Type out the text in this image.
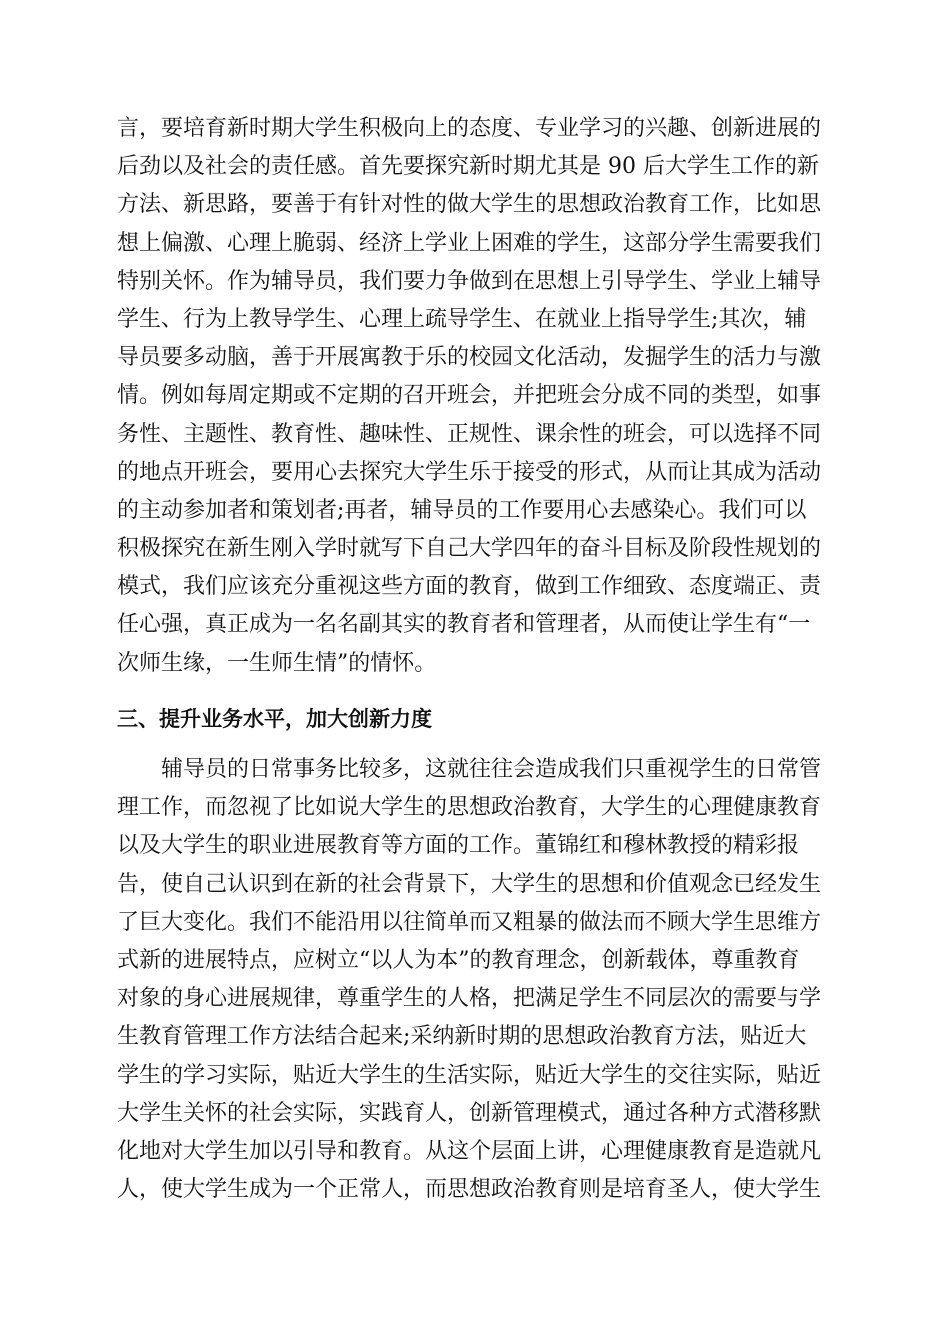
言，要培育新时期大学生积极向上的态度、专业学习的兴趣、创新进展的
后劲以及社会的责任感。首先要探究新时期尤其是 90 后大学生工作的新
方法、新思路，要善于有针对性的做大学生的思想政治教育工作，比如思
想上偏激、心理上脆弱、经济上学业上困难的学生，这部分学生需要我们
特别关怀。作为辅导员，我们要力争做到在思想上引导学生、学业上辅导
学生、行为上教导学生、心理上疏导学生、在就业上指导学生;其次，辅
导员要多动脑，善于开展寓教于乐的校园文化活动，发掘学生的活力与激
情。例如每周定期或不定期的召开班会，并把班会分成不同的类型，如事
务性、主题性、教育性、趣味性、正规性、课余性的班会，可以选择不同
的地点开班会，要用心去探究大学生乐于接受的形式，从而让其成为活动
的主动参加者和策划者;再者，辅导员的工作要用心去感染心。我们可以
积极探究在新生刚入学时就写下自己大学四年的奋斗目标及阶段性规划的
模式，我们应该充分重视这些方面的教育，做到工作细致、态度端正、责
任心强，真正成为一名名副其实的教育者和管理者，从而使让学生有“一
次师生缘，一生师生情”的情怀。
三、提升业务水平，加大创新力度
辅导员的日常事务比较多，这就往往会造成我们只重视学生的日常管
理工作，而忽视了比如说大学生的思想政治教育，大学生的心理健康教育
以及大学生的职业进展教育等方面的工作。董锦红和穆林教授的精彩报
告，使自己认识到在新的社会背景下，大学生的思想和价值观念已经发生
了巨大变化。我们不能沿用以往简单而又粗暴的做法而不顾大学生思维方
式新的进展特点，应树立“以人为本”的教育理念，创新载体，尊重教育
对象的身心进展规律，尊重学生的人格，把满足学生不同层次的需要与学
生教育管理工作方法结合起来;采纳新时期的思想政治教育方法，贴近大
学生的学习实际，贴近大学生的生活实际，贴近大学生的交往实际，贴近
大学生关怀的社会实际，实践育人，创新管理模式，通过各种方式潜移默
化地对大学生加以引导和教育。从这个层面上讲，心理健康教育是造就凡
人，使大学生成为一个正常人，而思想政治教育则是培育圣人，使大学生
